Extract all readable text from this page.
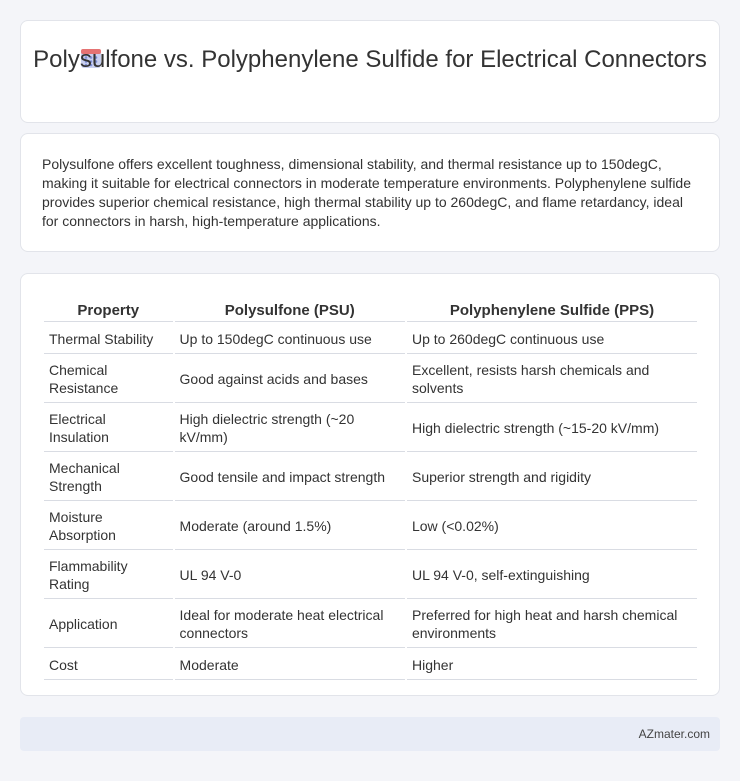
Polysulfone vs. Polyphenylene Sulfide for Electrical Connectors

Polysulfone offers excellent toughness, dimensional stability, and thermal resistance up to 150degC, making it suitable for electrical connectors in moderate temperature environments. Polyphenylene sulfide provides superior chemical resistance, high thermal stability up to 260degC, and flame retardancy, ideal for connectors in harsh, high-temperature applications.

Property	Polysulfone (PSU)	Polyphenylene Sulfide (PPS)
Thermal Stability	Up to 150degC continuous use	Up to 260degC continuous use
Chemical Resistance	Good against acids and bases	Excellent, resists harsh chemicals and solvents
Electrical Insulation	High dielectric strength (~20 kV/mm)	High dielectric strength (~15-20 kV/mm)
Mechanical Strength	Good tensile and impact strength	Superior strength and rigidity
Moisture Absorption	Moderate (around 1.5%)	Low (<0.02%)
Flammability Rating	UL 94 V-0	UL 94 V-0, self-extinguishing
Application	Ideal for moderate heat electrical connectors	Preferred for high heat and harsh chemical environments
Cost	Moderate	Higher
AZmater.com
